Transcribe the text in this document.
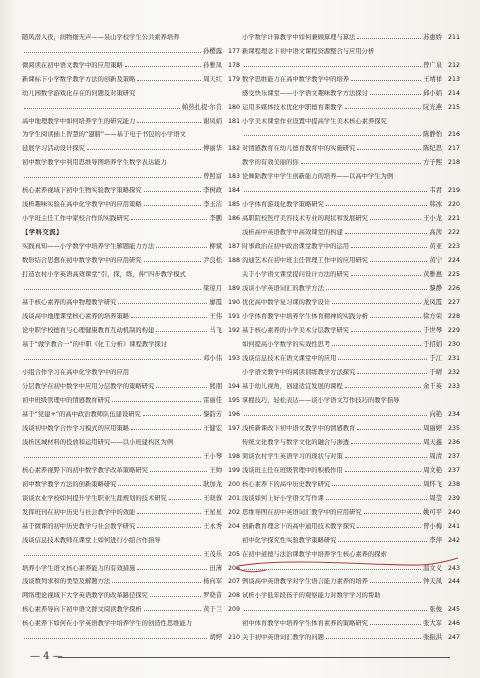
随风潜入夜，润物细无声——泉山学校学生公共素养培养
孙樱露 177
微阅读在初中语文教学中的应用策略	孙雅凤 178
新课标下小学数学教学方法的创新及策略	周天红 179
幼儿园数学游戏化存在的问题及对策研究
帕热扎提·尔肯 180
高中地理教学中如何培养学生的研究能力	谢凤娟 181
为学生阅读插上智慧的“翅膀”——基于电子书包的小学语文
延展学习活动设计探究	傅丽华 182
初中数学教学中利用思维导图培养学生数学表达能力
曾照富 183
核心素养视域下初中生物实验教学策略探究	李树政 184
浅析趣味实验在高中化学教学中的应用策略	李玉洁 185
小学班主任工作中家校合作的实践研究	李鹏 186
【学科交流】
实践真知——小学数学中培养学生解题能力方法	柳斌 187
数形结合思想在初中数学教学中的应用研究	尹良松 188
打造农村小学英语高效课堂“引，探，练，伸”四步教学模式
梁琼月 189
基于核心素养的高中物理教学研究	廖霞 190
浅谈高中地理课堂核心素养的培养策略	王伟 191
论中职学校德育与心理健康教育互动机制的构建	马飞 192
基于“做学教合一”的中职《化工分析》课程教学探讨
邓小伟 193
小组合作学习在高中化学教学中的应用
分层教学在初中数学中应用分层教学的策略研究	熊朋 194
初中班级管理中的情感教育研究	雷丽佳 195
基于“党建+”的高中政治教师队伍建设研究	黎韵芳 196
浅谈初中数学合作学习模式的应用策略	王健宏 197
浅析区城材料的投放和运用研究——以小班建构区为例
王小琴 198
核心素养视野下的初中数学教学改革策略研究	王帅 199
初中数学教学方法的创新策略研究	耿加龙 200
谈谈农业学校如何提升学生职业生涯规划的技术研究	王晓蓉 201
发挥班刊在初中历史与社会教学中的效能	王星星 202
基于微课的初中历史教学与社会教学研究	王永秀 204
浅谈信息技术教师在课堂上如何进行小组合作指导
王茂乐 205
培养小学生语文核心素养能力的有效措施	田薄 206
浅谈数列求和的类型及解题方法	杨向军 207
网络理论视域下大学英语教学的改革路径探究	罗晓音 208
核心素养导向下初中语文群文阅读教学探析	黄于兰 209
核心素养下如何在小学英语教学中培养学生的创造性思维能力
胡婷 210
小学数学计算教学中如何兼顾算理与算法	苏惠娇 211
新课程理念下初中语文课程资源整合与应用分析
曾广泉 212
数学思维能力在高中数学教学中的培养	王靖祥 213
感受快乐课堂——小学语文趣味教学方法探讨	邱小娟 214
运用多媒体技术优化中职德育课教学	阮光燕 215
小学美术课堂作业设置中提高学生美术核心素养探究
陈静怡 216
对情感教育在幼儿德育教育中的实施研究	陈纪思 217
教学的有效美丽的你	方子熙 218
论舞蹈教学中学生创新能力的培养——以高中学生为例
韦君 219
小学体育游戏化教学策略研究	韩冰 220
高职院校医疗美容技术专业的现状和发展研究	王小龙 221
浅析高中英语教学中高效课堂的构建	高茜 222
时事政治在初中政治课堂教学中的运用	黄亚 223
沟通艺术在初中班主任管理工作中的应用研究	黄宁 224
关于小学语文课堂提问设计方法的研究	黄雅惠 225
浅谈小学英语词汇的教学方法	黎静 226
优化高中数学复习课的教学设计	龙凤霞 227
小学体育教学中培养学生体育精神的实践分析	徐方荣 228
基于核心素养的小学美术分层教学研究	于世琴 229
如何提高小学数学的实效性思考	于招娟 230
浅谈信息技术在语文课堂中的应用	于江 231
小学语文教学中的阅读训练教学方法探究	于晴 232
基于幼儿视角，创建适宜发展的课程	余千英 233
掌握技巧，轻松表达——谈小学语文写作技巧的教学指导
向艳 234
浅析新课改下初中语文教学中的情感教育	周丽婷 235
传统文化教学与数学文化的融合与渗透	周天鑫 236
简谈农村学生英语学习的现状与对策	周清 237
浅谈班主任在班级管理中的积极作用	周文艳 237
核心素养下的高中历史教学研究	周怀飞 238
浅谈如何上好小学语文写作课	周莹 239
思维导图在初中英语词汇教学中的应用研究	姚可平 240
创新教育理念下的高中通用技术教学探究	曾小梅 241
初中化学探究性实验教学策略研究	李萍 242
在初中道德与法治课教学中培养学生核心素养的探索
温文义 243
例谈高中英语教学对学生语言能力素养的培养	钟天凤 244
试析小学低年段孩子的观察能力对数学学习的帮助
张俊 245
初中体育教学中培养学生体育素养的策略研究	张大军 246
关于初中英语词汇教学的问题	张振洪 247
— 4 —
